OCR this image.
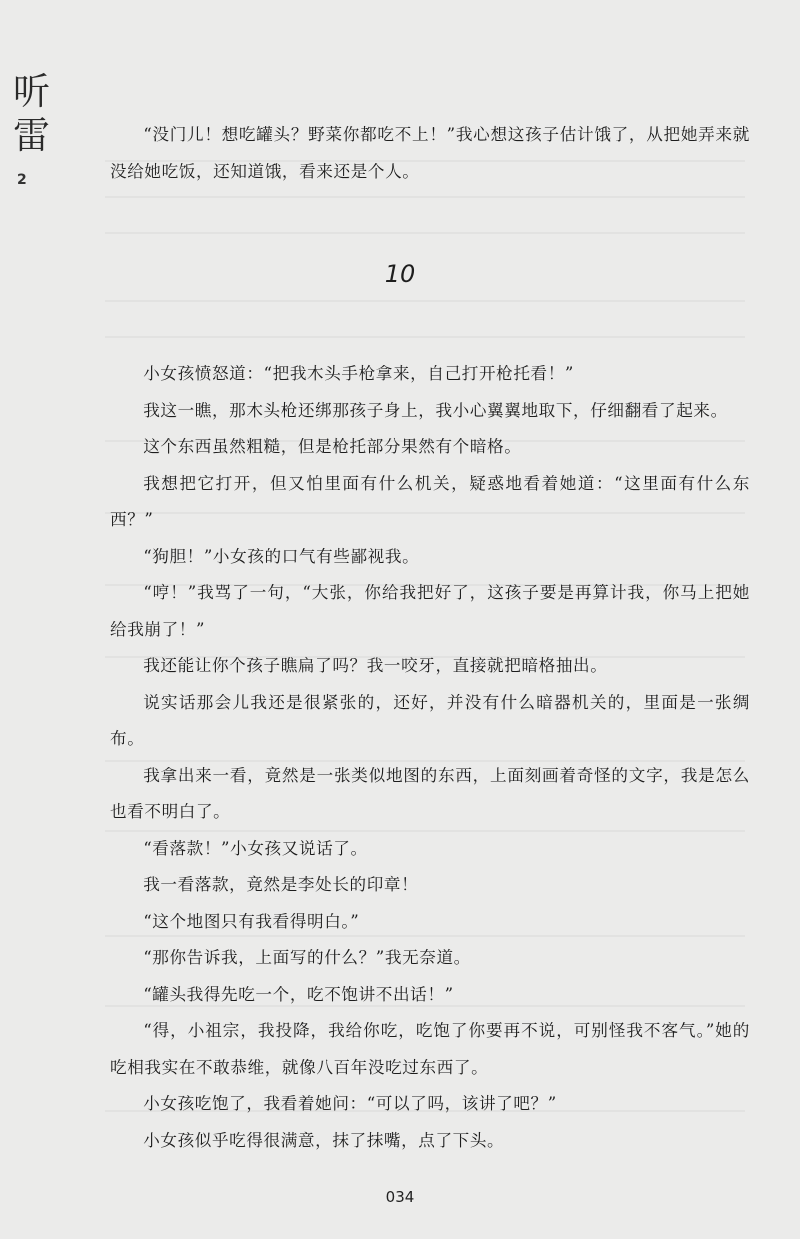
听
雷
2

“没门儿！想吃罐头？野菜你都吃不上！”我心想这孩子估计饿了，从把她弄来就没给她吃饭，还知道饿，看来还是个人。

10

小女孩愤怒道：“把我木头手枪拿来，自己打开枪托看！”

我这一瞧，那木头枪还绑那孩子身上，我小心翼翼地取下，仔细翻看了起来。

这个东西虽然粗糙，但是枪托部分果然有个暗格。

我想把它打开，但又怕里面有什么机关，疑惑地看着她道：“这里面有什么东西？”

“狗胆！”小女孩的口气有些鄙视我。

“哼！”我骂了一句，“大张，你给我把好了，这孩子要是再算计我，你马上把她给我崩了！”

我还能让你个孩子瞧扁了吗？我一咬牙，直接就把暗格抽出。

说实话那会儿我还是很紧张的，还好，并没有什么暗器机关的，里面是一张绸布。

我拿出来一看，竟然是一张类似地图的东西，上面刻画着奇怪的文字，我是怎么也看不明白了。

“看落款！”小女孩又说话了。

我一看落款，竟然是李处长的印章！

“这个地图只有我看得明白。”

“那你告诉我，上面写的什么？”我无奈道。

“罐头我得先吃一个，吃不饱讲不出话！”

“得，小祖宗，我投降，我给你吃，吃饱了你要再不说，可别怪我不客气。”她的吃相我实在不敢恭维，就像八百年没吃过东西了。

小女孩吃饱了，我看着她问：“可以了吗，该讲了吧？”

小女孩似乎吃得很满意，抹了抹嘴，点了下头。

034
